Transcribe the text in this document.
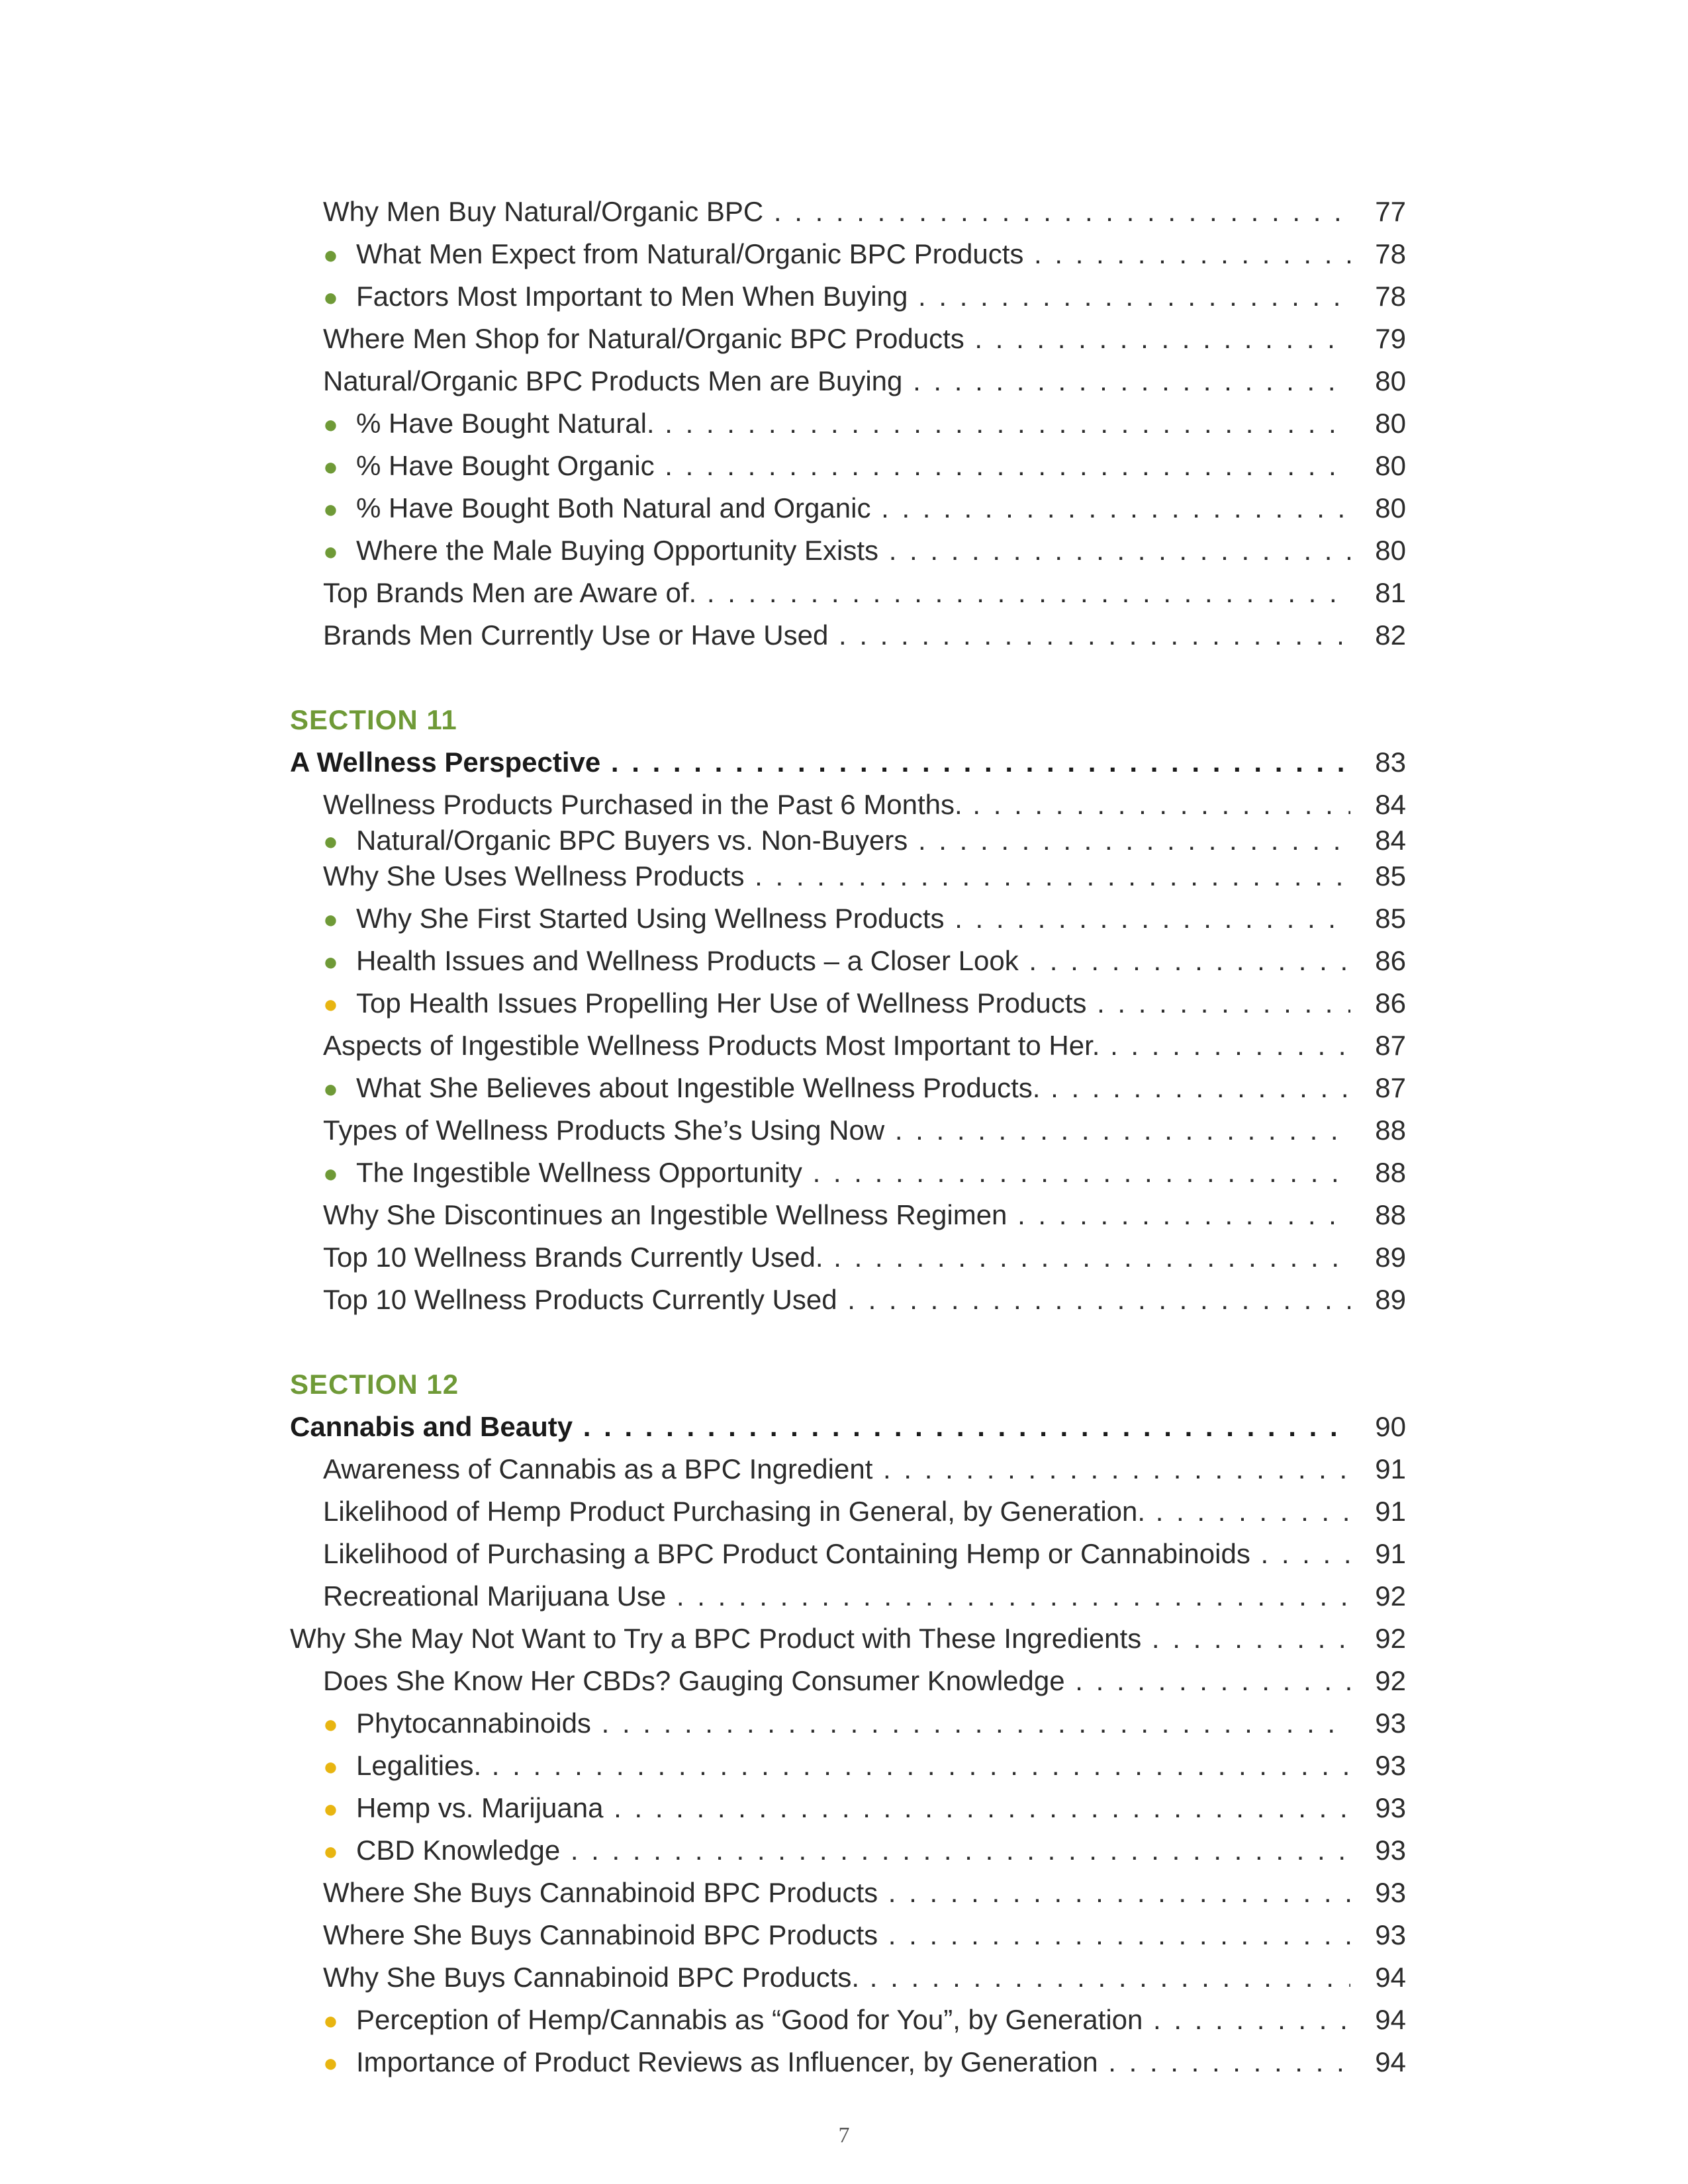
Why Men Buy Natural/Organic BPC . . .	77
● What Men Expect from Natural/Organic BPC Products . . .	78
● Factors Most Important to Men When Buying . . .	78
Where Men Shop for Natural/Organic BPC Products . . .	79
Natural/Organic BPC Products Men are Buying . . .	80
● % Have Bought Natural. . . .	80
● % Have Bought Organic . . .	80
● % Have Bought Both Natural and Organic . . .	80
● Where the Male Buying Opportunity Exists . . .	80
Top Brands Men are Aware of. . . .	81
Brands Men Currently Use or Have Used . . .	82
SECTION 11
A Wellness Perspective . . .	83
Wellness Products Purchased in the Past 6 Months. . . .	84
● Natural/Organic BPC Buyers vs. Non-Buyers . . .	84
Why She Uses Wellness Products . . .	85
● Why She First Started Using Wellness Products . . .	85
● Health Issues and Wellness Products – a Closer Look . . .	86
● Top Health Issues Propelling Her Use of Wellness Products . . .	86
Aspects of Ingestible Wellness Products Most Important to Her. . . .	87
● What She Believes about Ingestible Wellness Products. . . .	87
Types of Wellness Products She’s Using Now . . .	88
● The Ingestible Wellness Opportunity . . .	88
Why She Discontinues an Ingestible Wellness Regimen . . .	88
Top 10 Wellness Brands Currently Used. . . .	89
Top 10 Wellness Products Currently Used . . .	89
SECTION 12
Cannabis and Beauty . . .	90
Awareness of Cannabis as a BPC Ingredient . . .	91
Likelihood of Hemp Product Purchasing in General, by Generation. . . .	91
Likelihood of Purchasing a BPC Product Containing Hemp or Cannabinoids . . .	91
Recreational Marijuana Use . . .	92
Why She May Not Want to Try a BPC Product with These Ingredients . . .	92
Does She Know Her CBDs? Gauging Consumer Knowledge . . .	92
● Phytocannabinoids . . .	93
● Legalities. . . .	93
● Hemp vs. Marijuana . . .	93
● CBD Knowledge . . .	93
Where She Buys Cannabinoid BPC Products . . .	93
Where She Buys Cannabinoid BPC Products . . .	93
Why She Buys Cannabinoid BPC Products. . . .	94
● Perception of Hemp/Cannabis as “Good for You”, by Generation . . .	94
● Importance of Product Reviews as Influencer, by Generation . . .	94
7
